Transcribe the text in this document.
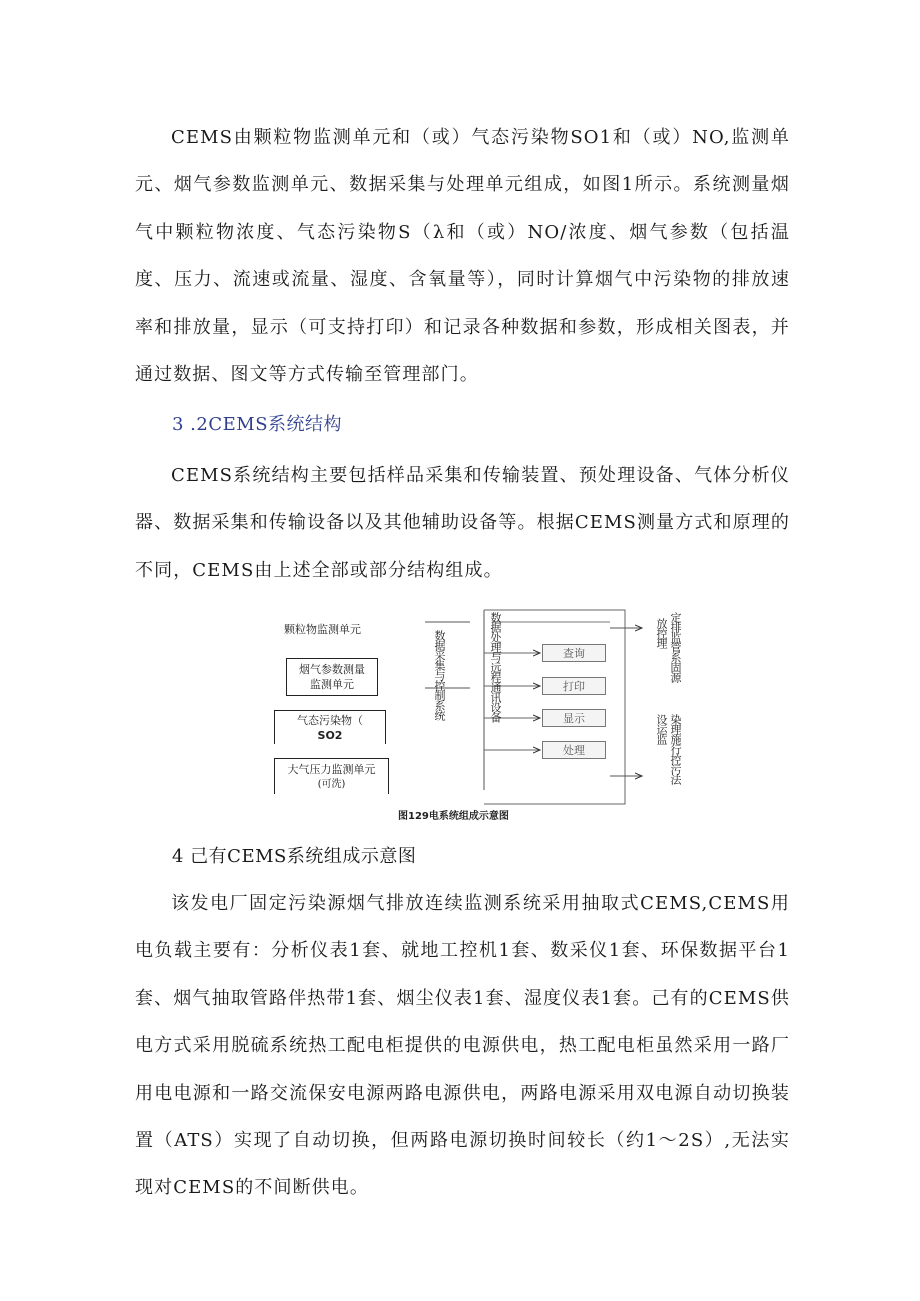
CEMS由颗粒物监测单元和（或）气态污染物SO1和（或）NO,监测单元、烟气参数监测单元、数据采集与处理单元组成，如图1所示。系统测量烟气中颗粒物浓度、气态污染物S（λ和（或）NO/浓度、烟气参数（包括温度、压力、流速或流量、湿度、含氧量等），同时计算烟气中污染物的排放速率和排放量，显示（可支持打印）和记录各种数据和参数，形成相关图表，并通过数据、图文等方式传输至管理部门。

3 .2CEMS系统结构

CEMS系统结构主要包括样品采集和传输装置、预处理设备、气体分析仪器、数据采集和传输设备以及其他辅助设备等。根据CEMS测量方式和原理的不同，CEMS由上述全部或部分结构组成。

颗粒物监测单元
烟气参数测量
监测单元
气态污染物（
SO2
大气压力监测单元
(可洗)
数据采集与控制系统	数据处理与远程通讯设备	查询
打印
显示
处理
定排监管系固源
放控理
染理施行控污法
设运监
图129电系统组成示意图

4 己有CEMS系统组成示意图

该发电厂固定污染源烟气排放连续监测系统采用抽取式CEMS,CEMS用电负载主要有：分析仪表1套、就地工控机1套、数采仪1套、环保数据平台1套、烟气抽取管路伴热带1套、烟尘仪表1套、湿度仪表1套。己有的CEMS供电方式采用脱硫系统热工配电柜提供的电源供电，热工配电柜虽然采用一路厂用电电源和一路交流保安电源两路电源供电，两路电源采用双电源自动切换装置（ATS）实现了自动切换，但两路电源切换时间较长（约1～2S）,无法实现对CEMS的不间断供电。
